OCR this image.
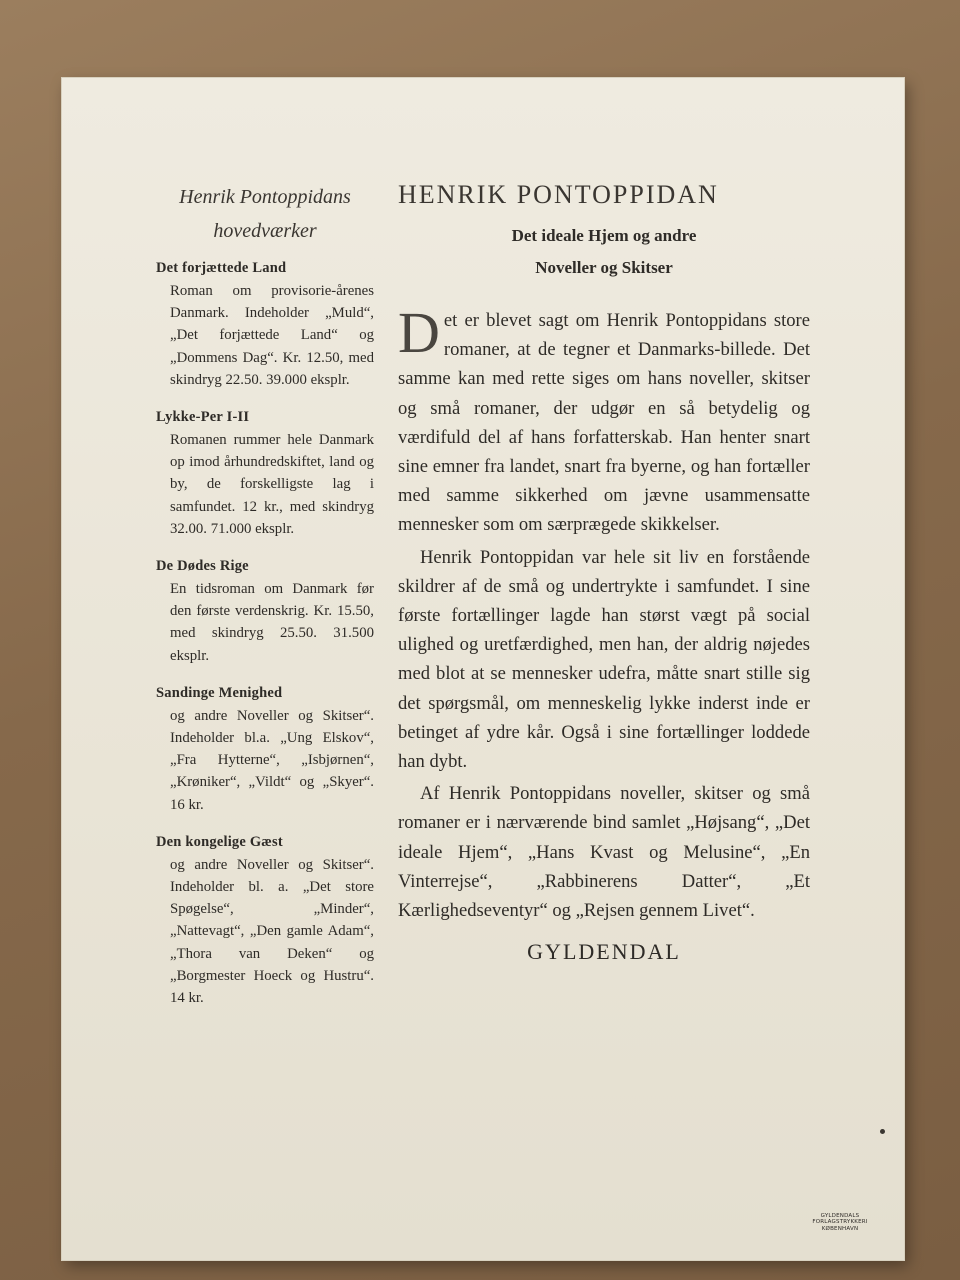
Henrik Pontoppidans
hovedværker
Det forjættede Land

Roman om provisorie-årenes Danmark. Indeholder „Muld“, „Det forjættede Land“ og „Dommens Dag“. Kr. 12.50, med skindryg 22.50. 39.000 eksplr.

Lykke-Per I-II

Romanen rummer hele Danmark op imod århundredskiftet, land og by, de forskelligste lag i samfundet. 12 kr., med skindryg 32.00. 71.000 eksplr.

De Dødes Rige

En tidsroman om Danmark før den første verdenskrig. Kr. 15.50, med skindryg 25.50. 31.500 eksplr.

Sandinge Menighed

og andre Noveller og Skitser“. Indeholder bl.a. „Ung Elskov“, „Fra Hytterne“, „Isbjørnen“, „Krøniker“, „Vildt“ og „Skyer“. 16 kr.

Den kongelige Gæst

og andre Noveller og Skitser“. Indeholder bl. a. „Det store Spøgelse“, „Minder“, „Nattevagt“, „Den gamle Adam“, „Thora van Deken“ og „Borgmester Hoeck og Hustru“. 14 kr.

HENRIK PONTOPPIDAN
Det ideale Hjem og andre
Noveller og Skitser

Det er blevet sagt om Henrik Pontoppidans store romaner, at de tegner et Danmarks-billede. Det samme kan med rette siges om hans noveller, skitser og små romaner, der udgør en så betydelig og værdifuld del af hans forfatterskab. Han henter snart sine emner fra landet, snart fra byerne, og han fortæller med samme sikkerhed om jævne usammensatte mennesker som om særprægede skikkelser.

Henrik Pontoppidan var hele sit liv en forstående skildrer af de små og undertrykte i samfundet. I sine første fortællinger lagde han størst vægt på social ulighed og uretfærdighed, men han, der aldrig nøjedes med blot at se mennesker udefra, måtte snart stille sig det spørgsmål, om menneskelig lykke inderst inde er betinget af ydre kår. Også i sine fortællinger loddede han dybt.

Af Henrik Pontoppidans noveller, skitser og små romaner er i nærværende bind samlet „Højsang“, „Det ideale Hjem“, „Hans Kvast og Melusine“, „En Vinterrejse“, „Rabbinerens Datter“, „Et Kærlighedseventyr“ og „Rejsen gennem Livet“.

GYLDENDAL
GYLDENDALS
FORLAGSTRYKKERI
KØBENHAVN
